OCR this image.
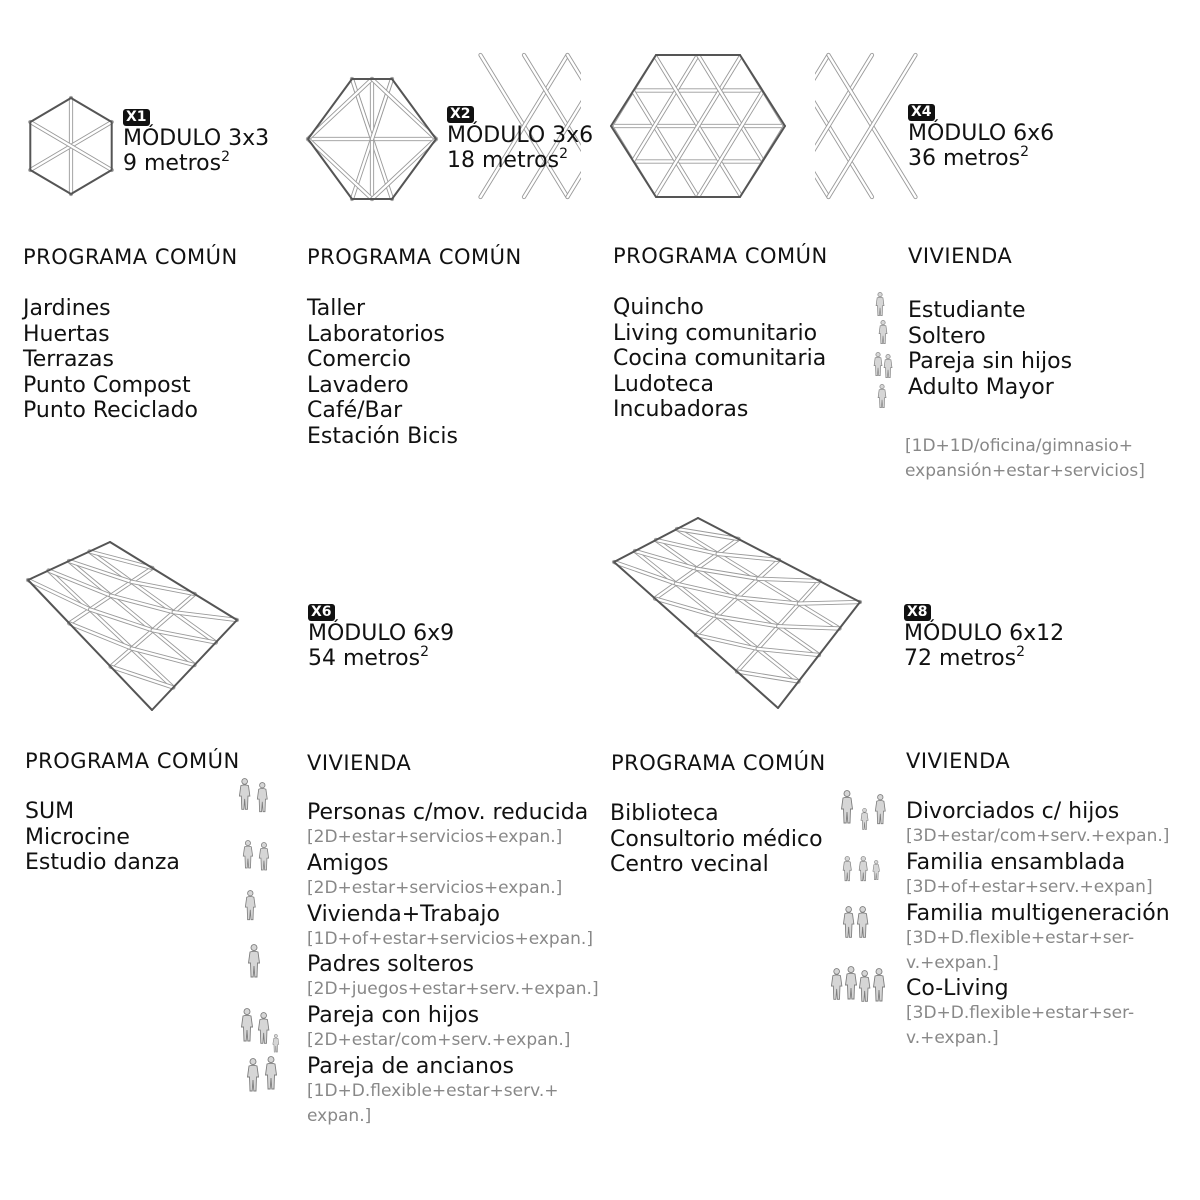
X1
MÓDULO 3x3
9 metros$^2$
X2
MÓDULO 3x6
18 metros$^2$
X4
MÓDULO 6x6
36 metros$^2$
X6
MÓDULO 6x9
54 metros$^2$
X8
MÓDULO 6x12
72 metros$^2$
PROGRAMA COMÚN	PROGRAMA COMÚN	PROGRAMA COMÚN	VIVIENDA
PROGRAMA COMÚN	VIVIENDA	PROGRAMA COMÚN	VIVIENDA
Jardines
Huertas
Terrazas
Punto Compost
Punto Reciclado
Taller
Laboratorios
Comercio
Lavadero
Café/Bar
Estación Bicis
Quincho
Living comunitario
Cocina comunitaria
Ludoteca
Incubadoras
Estudiante
Soltero
Pareja sin hijos
Adulto Mayor
[1D+1D/oficina/gimnasio+
expansión+estar+servicios]
SUM
Microcine
Estudio danza
Biblioteca
Consultorio médico
Centro vecinal
Personas c/mov. reducida
[2D+estar+servicios+expan.]
Amigos
[2D+estar+servicios+expan.]
Vivienda+Trabajo
[1D+of+estar+servicios+expan.]
Padres solteros
[2D+juegos+estar+serv.+expan.]
Pareja con hijos
[2D+estar/com+serv.+expan.]
Pareja de ancianos
[1D+D.flexible+estar+serv.+
expan.]
Divorciados c/ hijos
[3D+estar/com+serv.+expan.]
Familia ensamblada
[3D+of+estar+serv.+expan]
Familia multigeneración
[3D+D.flexible+estar+ser-
v.+expan.]
Co-Living
[3D+D.flexible+estar+ser-
v.+expan.]
